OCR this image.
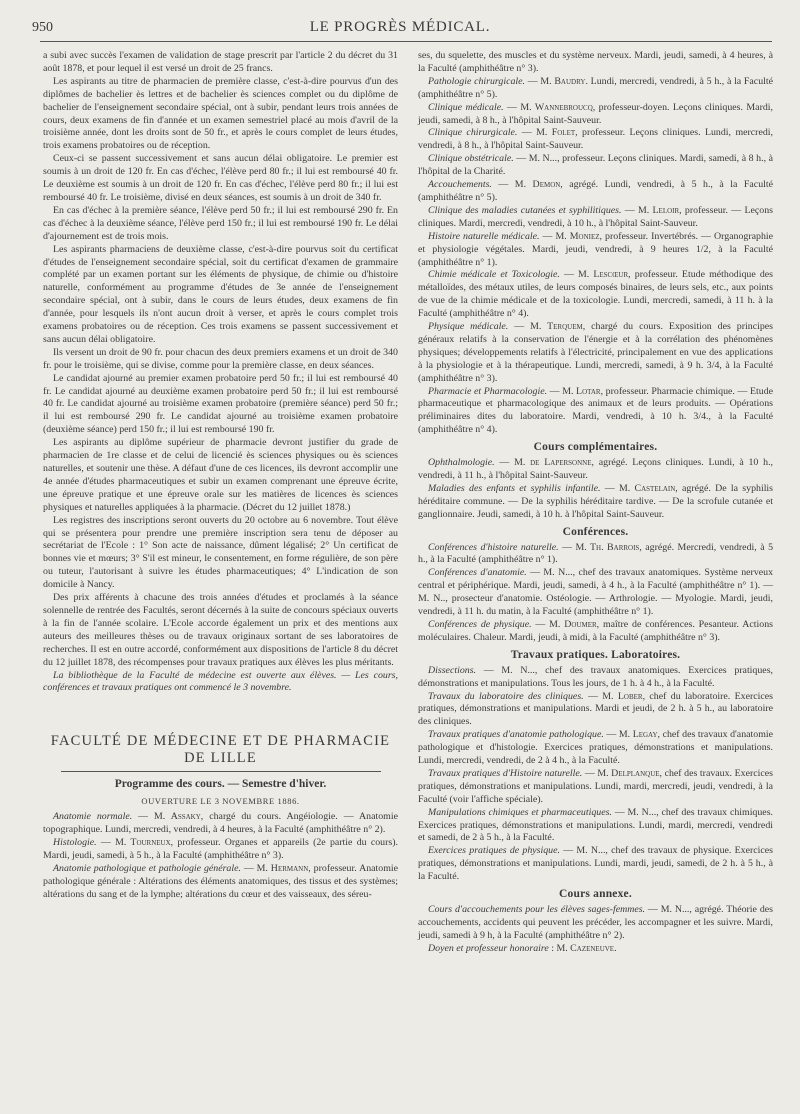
950	LE PROGRÈS MÉDICAL.

a subi avec succès l'examen de validation de stage prescrit par l'article 2 du décret du 31 août 1878, et pour lequel il est versé un droit de 25 francs.

Les aspirants au titre de pharmacien de première classe, c'est-à-dire pourvus d'un des diplômes de bachelier ès lettres et de bachelier ès sciences complet ou du diplôme de bachelier de l'enseignement secondaire spécial, ont à subir, pendant leurs trois années de cours, deux examens de fin d'année et un examen semestriel placé au mois d'avril de la troisième année, dont les droits sont de 50 fr., et après le cours complet de leurs études, trois examens probatoires ou de réception.

Ceux-ci se passent successivement et sans aucun délai obligatoire. Le premier est soumis à un droit de 120 fr. En cas d'échec, l'élève perd 80 fr.; il lui est remboursé 40 fr. Le deuxième est soumis à un droit de 120 fr. En cas d'échec, l'élève perd 80 fr.; il lui est remboursé 40 fr. Le troisième, divisé en deux séances, est soumis à un droit de 340 fr.

En cas d'échec à la première séance, l'élève perd 50 fr.; il lui est remboursé 290 fr. En cas d'échec à la deuxième séance, l'élève perd 150 fr.; il lui est remboursé 190 fr. Le délai d'ajournement est de trois mois.

Les aspirants pharmaciens de deuxième classe, c'est-à-dire pourvus soit du certificat d'études de l'enseignement secondaire spécial, soit du certificat d'examen de grammaire complété par un examen portant sur les éléments de physique, de chimie ou d'histoire naturelle, conformément au programme d'études de 3e année de l'enseignement secondaire spécial, ont à subir, dans le cours de leurs études, deux examens de fin d'année, pour lesquels ils n'ont aucun droit à verser, et après le cours complet trois examens probatoires ou de réception. Ces trois examens se passent successivement et sans aucun délai obligatoire.

Ils versent un droit de 90 fr. pour chacun des deux premiers examens et un droit de 340 fr. pour le troisième, qui se divise, comme pour la première classe, en deux séances.

Le candidat ajourné au premier examen probatoire perd 50 fr.; il lui est remboursé 40 fr. Le candidat ajourné au deuxième examen probatoire perd 50 fr.; il lui est remboursé 40 fr. Le candidat ajourné au troisième examen probatoire (première séance) perd 50 fr.; il lui est remboursé 290 fr. Le candidat ajourné au troisième examen probatoire (deuxième séance) perd 150 fr.; il lui est remboursé 190 fr.

Les aspirants au diplôme supérieur de pharmacie devront justifier du grade de pharmacien de 1re classe et de celui de licencié ès sciences physiques ou ès sciences naturelles, et soutenir une thèse. A défaut d'une de ces licences, ils devront accomplir une 4e année d'études pharmaceutiques et subir un examen comprenant une épreuve écrite, une épreuve pratique et une épreuve orale sur les matières de licences ès sciences physiques et naturelles appliquées à la pharmacie. (Décret du 12 juillet 1878.)

Les registres des inscriptions seront ouverts du 20 octobre au 6 novembre. Tout élève qui se présentera pour prendre une première inscription sera tenu de déposer au secrétariat de l'Ecole : 1° Son acte de naissance, dûment légalisé; 2° Un certificat de bonnes vie et mœurs; 3° S'il est mineur, le consentement, en forme régulière, de son père ou tuteur, l'autorisant à suivre les études pharmaceutiques; 4° L'indication de son domicile à Nancy.

Des prix afférents à chacune des trois années d'études et proclamés à la séance solennelle de rentrée des Facultés, seront décernés à la suite de concours spéciaux ouverts à la fin de l'année scolaire. L'Ecole accorde également un prix et des mentions aux auteurs des meilleures thèses ou de travaux originaux sortant de ses laboratoires de recherches. Il est en outre accordé, conformément aux dispositions de l'article 8 du décret du 12 juillet 1878, des récompenses pour travaux pratiques aux élèves les plus méritants.

La bibliothèque de la Faculté de médecine est ouverte aux élèves. — Les cours, conférences et travaux pratiques ont commencé le 3 novembre.

FACULTÉ DE MÉDECINE ET DE PHARMACIE DE LILLE
Programme des cours. — Semestre d'hiver.
OUVERTURE LE 3 NOVEMBRE 1886.

Anatomie normale. — M. Assaky, chargé du cours. Angéiologie. — Anatomie topographique. Lundi, mercredi, vendredi, à 4 heures, à la Faculté (amphithéâtre n° 2).

Histologie. — M. Tourneux, professeur. Organes et appareils (2e partie du cours). Mardi, jeudi, samedi, à 5 h., à la Faculté (amphithéâtre n° 3).

Anatomie pathologique et pathologie générale. — M. Hermann, professeur. Anatomie pathologique générale : Altérations des éléments anatomiques, des tissus et des systèmes; altérations du sang et de la lymphe; altérations du cœur et des vaisseaux, des séreu-

ses, du squelette, des muscles et du système nerveux. Mardi, jeudi, samedi, à 4 heures, à la Faculté (amphithéâtre n° 3).

Pathologie chirurgicale. — M. Baudry. Lundi, mercredi, vendredi, à 5 h., à la Faculté (amphithéâtre n° 5).

Clinique médicale. — M. Wannebroucq, professeur-doyen. Leçons cliniques. Mardi, jeudi, samedi, à 8 h., à l'hôpital Saint-Sauveur.

Clinique chirurgicale. — M. Folet, professeur. Leçons cliniques. Lundi, mercredi, vendredi, à 8 h., à l'hôpital Saint-Sauveur.

Clinique obstétricale. — M. N..., professeur. Leçons cliniques. Mardi, samedi, à 8 h., à l'hôpital de la Charité.

Accouchements. — M. Demon, agrégé. Lundi, vendredi, à 5 h., à la Faculté (amphithéâtre n° 5).

Clinique des maladies cutanées et syphilitiques. — M. Leloir, professeur. — Leçons cliniques. Mardi, mercredi, vendredi, à 10 h., à l'hôpital Saint-Sauveur.

Histoire naturelle médicale. — M. Moniez, professeur. Invertébrés. — Organographie et physiologie végétales. Mardi, jeudi, vendredi, à 9 heures 1/2, à la Faculté (amphithéâtre n° 1).

Chimie médicale et Toxicologie. — M. Lescœur, professeur. Etude méthodique des métalloïdes, des métaux utiles, de leurs composés binaires, de leurs sels, etc., aux points de vue de la chimie médicale et de la toxicologie. Lundi, mercredi, samedi, à 11 h. à la Faculté (amphithéâtre n° 4).

Physique médicale. — M. Terquem, chargé du cours. Exposition des principes généraux relatifs à la conservation de l'énergie et à la corrélation des phénomènes physiques; développements relatifs à l'électricité, principalement en vue des applications à la physiologie et à la thérapeutique. Lundi, mercredi, samedi, à 9 h. 3/4, à la Faculté (amphithéâtre n° 3).

Pharmacie et Pharmacologie. — M. Lotar, professeur. Pharmacie chimique. — Etude pharmaceutique et pharmacologique des animaux et de leurs produits. — Opérations préliminaires dites du laboratoire. Mardi, vendredi, à 10 h. 3/4., à la Faculté (amphithéâtre n° 4).

Cours complémentaires.

Ophthalmologie. — M. de Lapersonne, agrégé. Leçons cliniques. Lundi, à 10 h., vendredi, à 11 h., à l'hôpital Saint-Sauveur.

Maladies des enfants et syphilis infantile. — M. Castelain, agrégé. De la syphilis héréditaire commune. — De la syphilis héréditaire tardive. — De la scrofule cutanée et ganglionnaire. Jeudi, samedi, à 10 h. à l'hôpital Saint-Sauveur.

Conférences.

Conférences d'histoire naturelle. — M. Th. Barrois, agrégé. Mercredi, vendredi, à 5 h., à la Faculté (amphithéâtre n° 1).

Conférences d'anatomie. — M. N..., chef des travaux anatomiques. Système nerveux central et périphérique. Mardi, jeudi, samedi, à 4 h., à la Faculté (amphithéâtre n° 1). — M. N.., prosecteur d'anatomie. Ostéologie. — Arthrologie. — Myologie. Mardi, jeudi, vendredi, à 11 h. du matin, à la Faculté (amphithéâtre n° 1).

Conférences de physique. — M. Doumer, maître de conférences. Pesanteur. Actions moléculaires. Chaleur. Mardi, jeudi, à midi, à la Faculté (amphithéâtre n° 3).

Travaux pratiques. Laboratoires.

Dissections. — M. N..., chef des travaux anatomiques. Exercices pratiques, démonstrations et manipulations. Tous les jours, de 1 h. à 4 h., à la Faculté.

Travaux du laboratoire des cliniques. — M. Lober, chef du laboratoire. Exercices pratiques, démonstrations et manipulations. Mardi et jeudi, de 2 h. à 5 h., au laboratoire des cliniques.

Travaux pratiques d'anatomie pathologique. — M. Legay, chef des travaux d'anatomie pathologique et d'histologie. Exercices pratiques, démonstrations et manipulations. Lundi, mercredi, vendredi, de 2 à 4 h., à la Faculté.

Travaux pratiques d'Histoire naturelle. — M. Delplanque, chef des travaux. Exercices pratiques, démonstrations et manipulations. Lundi, mardi, mercredi, jeudi, vendredi, à la Faculté (voir l'affiche spéciale).

Manipulations chimiques et pharmaceutiques. — M. N..., chef des travaux chimiques. Exercices pratiques, démonstrations et manipulations. Lundi, mardi, mercredi, vendredi et samedi, de 2 à 5 h., à la Faculté.

Exercices pratiques de physique. — M. N..., chef des travaux de physique. Exercices pratiques, démonstrations et manipulations. Lundi, mardi, jeudi, samedi, de 2 h. à 5 h., à la Faculté.

Cours annexe.

Cours d'accouchements pour les élèves sages-femmes. — M. N..., agrégé. Théorie des accouchements, accidents qui peuvent les précéder, les accompagner et les suivre. Mardi, jeudi, samedi à 9 h, à la Faculté (amphithéâtre n° 2).

Doyen et professeur honoraire : M. Cazeneuve.
